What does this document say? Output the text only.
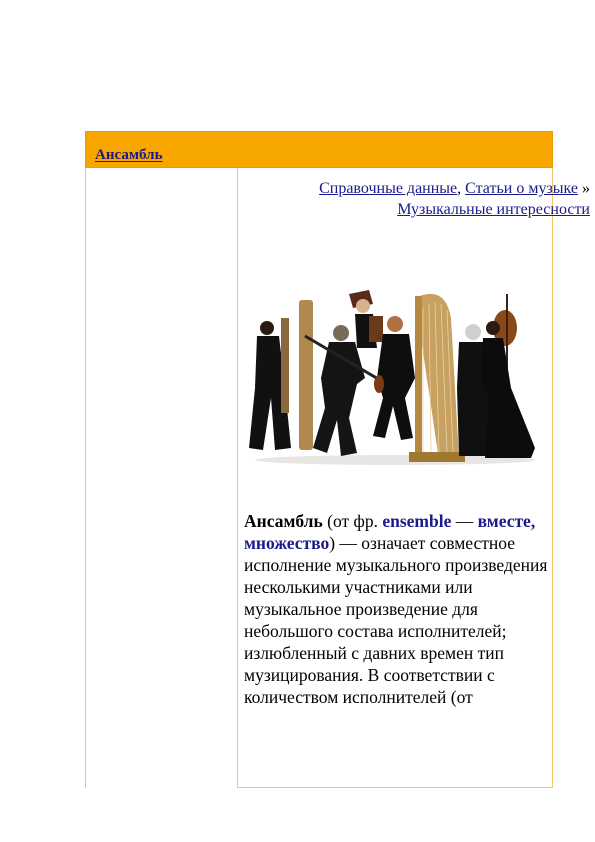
Ансамбль
Справочные данные, Статьи о музыке » Музыкальные интересности
Ансамбль (от фр. ensemble — вместе, множество) — означает совместное исполнение музыкального произведения несколькими участниками или музыкальное произведение для небольшого состава исполнителей; излюбленный с давних времен тип музицирования. В соответствии с количеством исполнителей (от
